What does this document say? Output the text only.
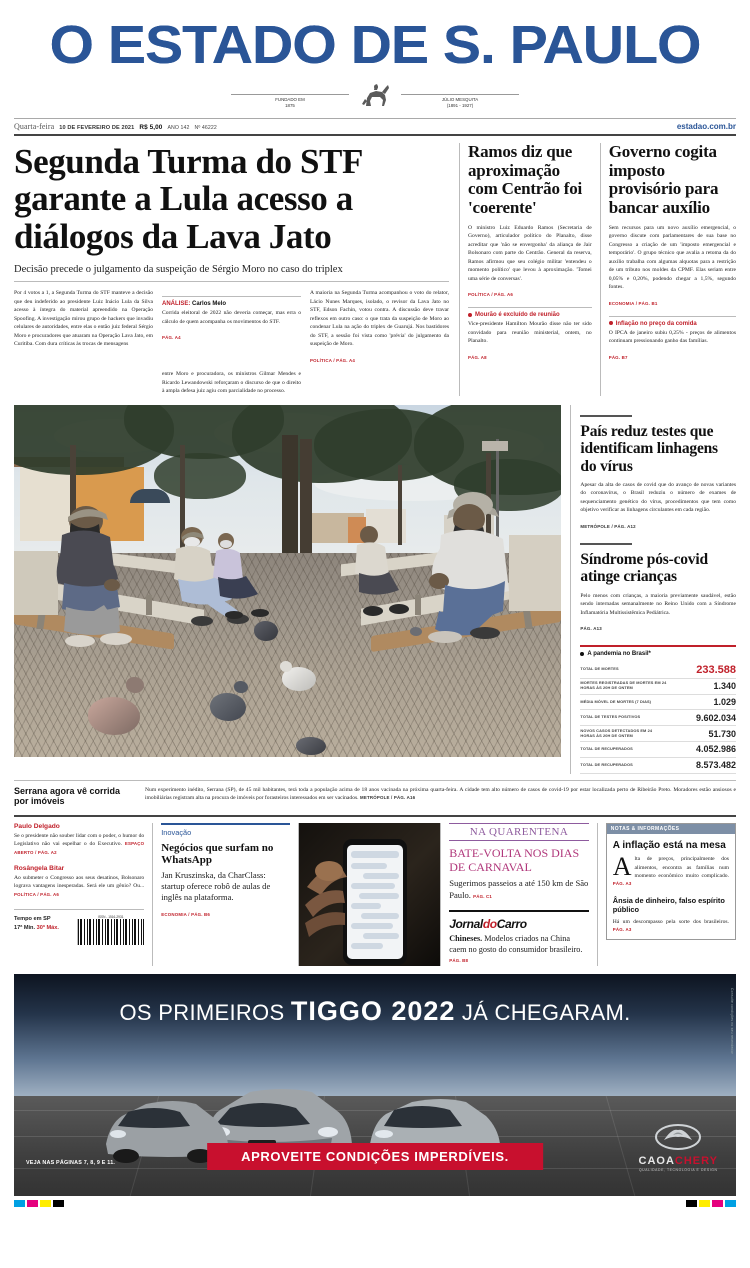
O ESTADO DE S. PAULO
FUNDADO EM
1875
JÚLIO MESQUITA
(1891 - 1927)
Quarta-feira 10 DE FEVEREIRO DE 2021 R$ 5,00 ANO 142 Nº 46222	estadao.com.br
Segunda Turma do STF garante a Lula acesso a diálogos da Lava Jato
Decisão precede o julgamento da suspeição de Sérgio Moro no caso do triplex
Por 4 votos a 1, a Segunda Turma do STF manteve a decisão que deu indeferido ao presidente Luiz Inácio Lula da Silva acesso à íntegra do material apreendido na Operação Spoofing. A investigação mirou grupo de hackers que invadiu celulares de autoridades, entre elas o então juiz federal Sérgio Moro e procuradores que atuaram na Operação Lava Jato, em Curitiba. Com dura críticas às trocas de mensagens
ANÁLISE: Carlos Melo
Corrida eleitoral de 2022 não deveria começar, mas erra o cálculo de quem acompanha os movimentos do STF.
PÁG. A4
entre Moro e procuradora, os ministros Gilmar Mendes e Ricardo Lewandowski reforçaram o discurso de que o direito à ampla defesa juiz agiu com parcialidade no processo.
A maioria na Segunda Turma acompanhou o voto do relator, Lácio Nunes Marques, isolado, o revisor da Lava Jato no STF, Edson Fachin, votou contra. A discussão deve travar reflexos em outro caso: o que trata da suspeição de Moro ao condenar Lula na ação do triplex de Guarujá. Nos bastidores do STF, a sessão foi vista como 'prévia' do julgamento da suspeição de Moro.
POLÍTICA / PÁG. A4
Ramos diz que aproximação com Centrão foi 'coerente'
O ministro Luiz Eduardo Ramos (Secretaria de Governo), articulador político do Planalto, disse acreditar que 'não se envergonha' da aliança de Jair Bolsonaro com parte do Centrão. General da reserva, Ramos afirmou que seu colégio militar 'entendeu o momento político' que levou à aproximação. 'Tomei uma série de conversas'.
POLÍTICA / PÁG. A6
Mourão é excluído de reunião
Vice-presidente Hamilton Mourão disse não ter sido convidado para reunião ministerial, ontem, no Planalto.
PÁG. A8
Governo cogita imposto provisório para bancar auxílio
Sem recursos para um novo auxílio emergencial, o governo discute com parlamentares de sua base no Congresso a criação de um 'imposto emergencial e temporário'. O grupo técnico que avalia a retoma da do auxílio trabalha com algumas alquotas para a restrição de um tributo nos moldes da CPMF. Elas seriam entre 0,05% e 0,20%, podendo chegar a 1,5%, segundo fontes.
ECONOMIA / PÁG. B1
Inflação no preço da comida
O IPCA de janeiro subiu 0,25% - preços de alimentos continuam pressionando ganho das famílias.
PÁG. B7
País reduz testes que identificam linhagens do vírus
Apesar da alta de casos de covid que do avanço de novas variantes do coronavírus, o Brasil reduziu o número de exames de sequenciamento genético do vírus, procedimentos que tem como objetivo verificar as linhagens circulantes em cada região.
METRÓPOLE / PÁG. A12
Síndrome pós-covid atinge crianças
Pelo menos com crianças, a maioria previamente saudável, estão sendo internadas semanalmente no Reino Unido com a Síndrome Inflamatória Multissistêmica Pediátrica.
PÁG. A13
A pandemia no Brasil*
TOTAL DE MORTES	233.588
MORTES REGISTRADAS DE MORTES EM 24 HORAS ÀS 20H DE ONTEM	1.340
MÉDIA MÓVEL DE MORTES (7 DIAS)	1.029
TOTAL DE TESTES POSITIVOS	9.602.034
NOVOS CASOS DETECTADOS EM 24 HORAS ÀS 20H DE ONTEM	51.730
TOTAL DE RECUPERADOS	4.052.986
TOTAL DE RECUPERADOS	8.573.482
Serrana agora vê corrida por imóveis
Num experimento inédito, Serrana (SP), de 45 mil habitantes, terá toda a população acima de 18 anos vacinada na próxima quarta-feira. A cidade tem alto número de casos de covid-19 por estar localizada perto de Ribeirão Preto. Moradores estão ansiosos e imobiliárias registram alta na procura de imóveis por forasteiros interessados em ser vacinados. METRÓPOLE / PÁG. A16
Paulo Delgado
Se o presidente não souber lidar com o poder, o humor do Legislativo não vai espelhar o do Executivo. ESPAÇO ABERTO / PÁG. A2
Rosângela Bitar
Ao submeter o Congresso aos seus desatinos, Bolsonaro lograva vantagens inesperadas. Será ele um gênio? Ou... POLÍTICA / PÁG. A6
Tempo em SP
17ª Mín. 30ª Máx.
ISSN - 1516-2931
Inovação
Negócios que surfam no WhatsApp
Jan Kruszinska, da CharClass: startup oferece robô de aulas de inglês na plataforma.
ECONOMIA / PÁG. B6
NA QUARENTENA
BATE-VOLTA NOS DIAS DE CARNAVAL
Sugerimos passeios a até 150 km de São Paulo. PÁG. C1
JornaldoCarro
Chineses. Modelos criados na China caem no gosto do consumidor brasileiro. PÁG. B8
NOTAS & INFORMAÇÕES
A inflação está na mesa
A lta de preços, principalmente dos alimentos, encontra as famílias num momento econômico muito complicado. PÁG. A3
Ânsia de dinheiro, falso espírito público
Há um descompasso pela sorte dos brasileiros. PÁG. A3
OS PRIMEIROS TIGGO 2022 JÁ CHEGARAM.
VEJA NAS PÁGINAS 7, 8, 9 E 11.	APROVEITE CONDIÇÕES IMPERDÍVEIS.	CAOACHERY
QUALIDADE, TECNOLOGIA E DESIGN
Consulte condições no seu revendedor
